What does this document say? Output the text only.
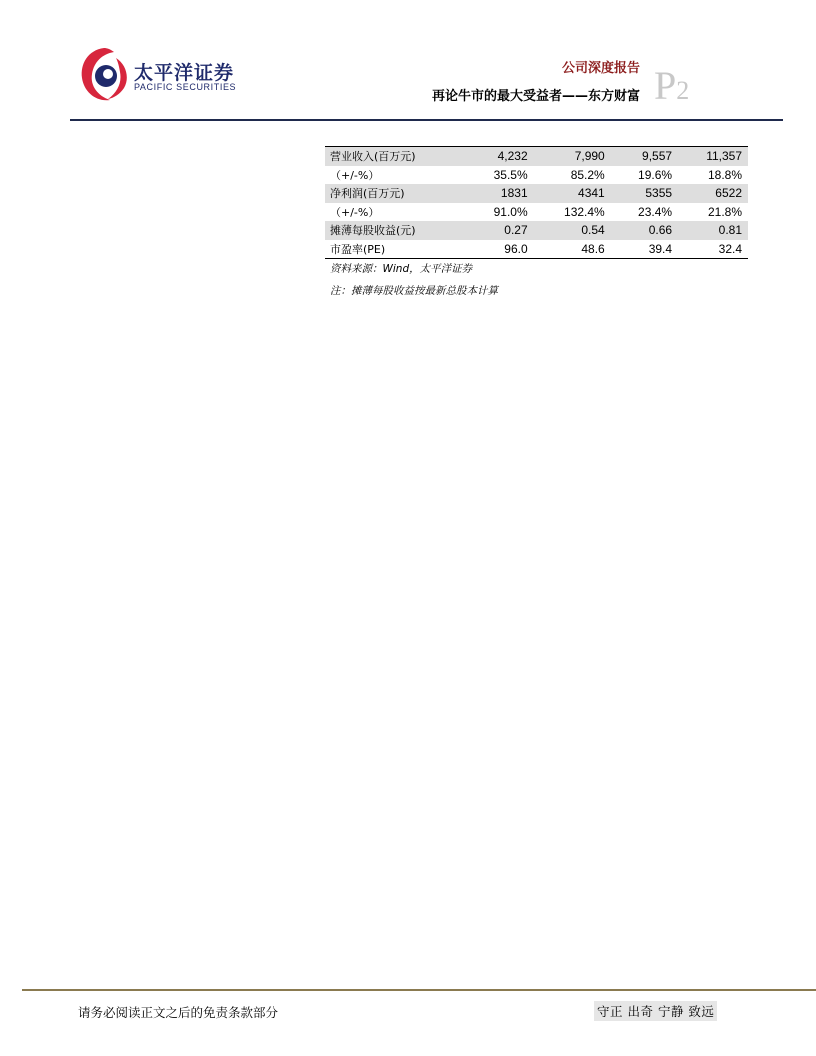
太平洋证券
PACIFIC SECURITIES
公司深度报告
再论牛市的最大受益者——东方财富 P2
营业收入(百万元)	4,232	7,990	9,557	11,357
（+/-%）	35.5%	85.2%	19.6%	18.8%
净利润(百万元)	1831	4341	5355	6522
（+/-%）	91.0%	132.4%	23.4%	21.8%
摊薄每股收益(元)	0.27	0.54	0.66	0.81
市盈率(PE)	96.0	48.6	39.4	32.4
资料来源：Wind，太平洋证券
注：摊薄每股收益按最新总股本计算
请务必阅读正文之后的免责条款部分	守正 出奇 宁静 致远
